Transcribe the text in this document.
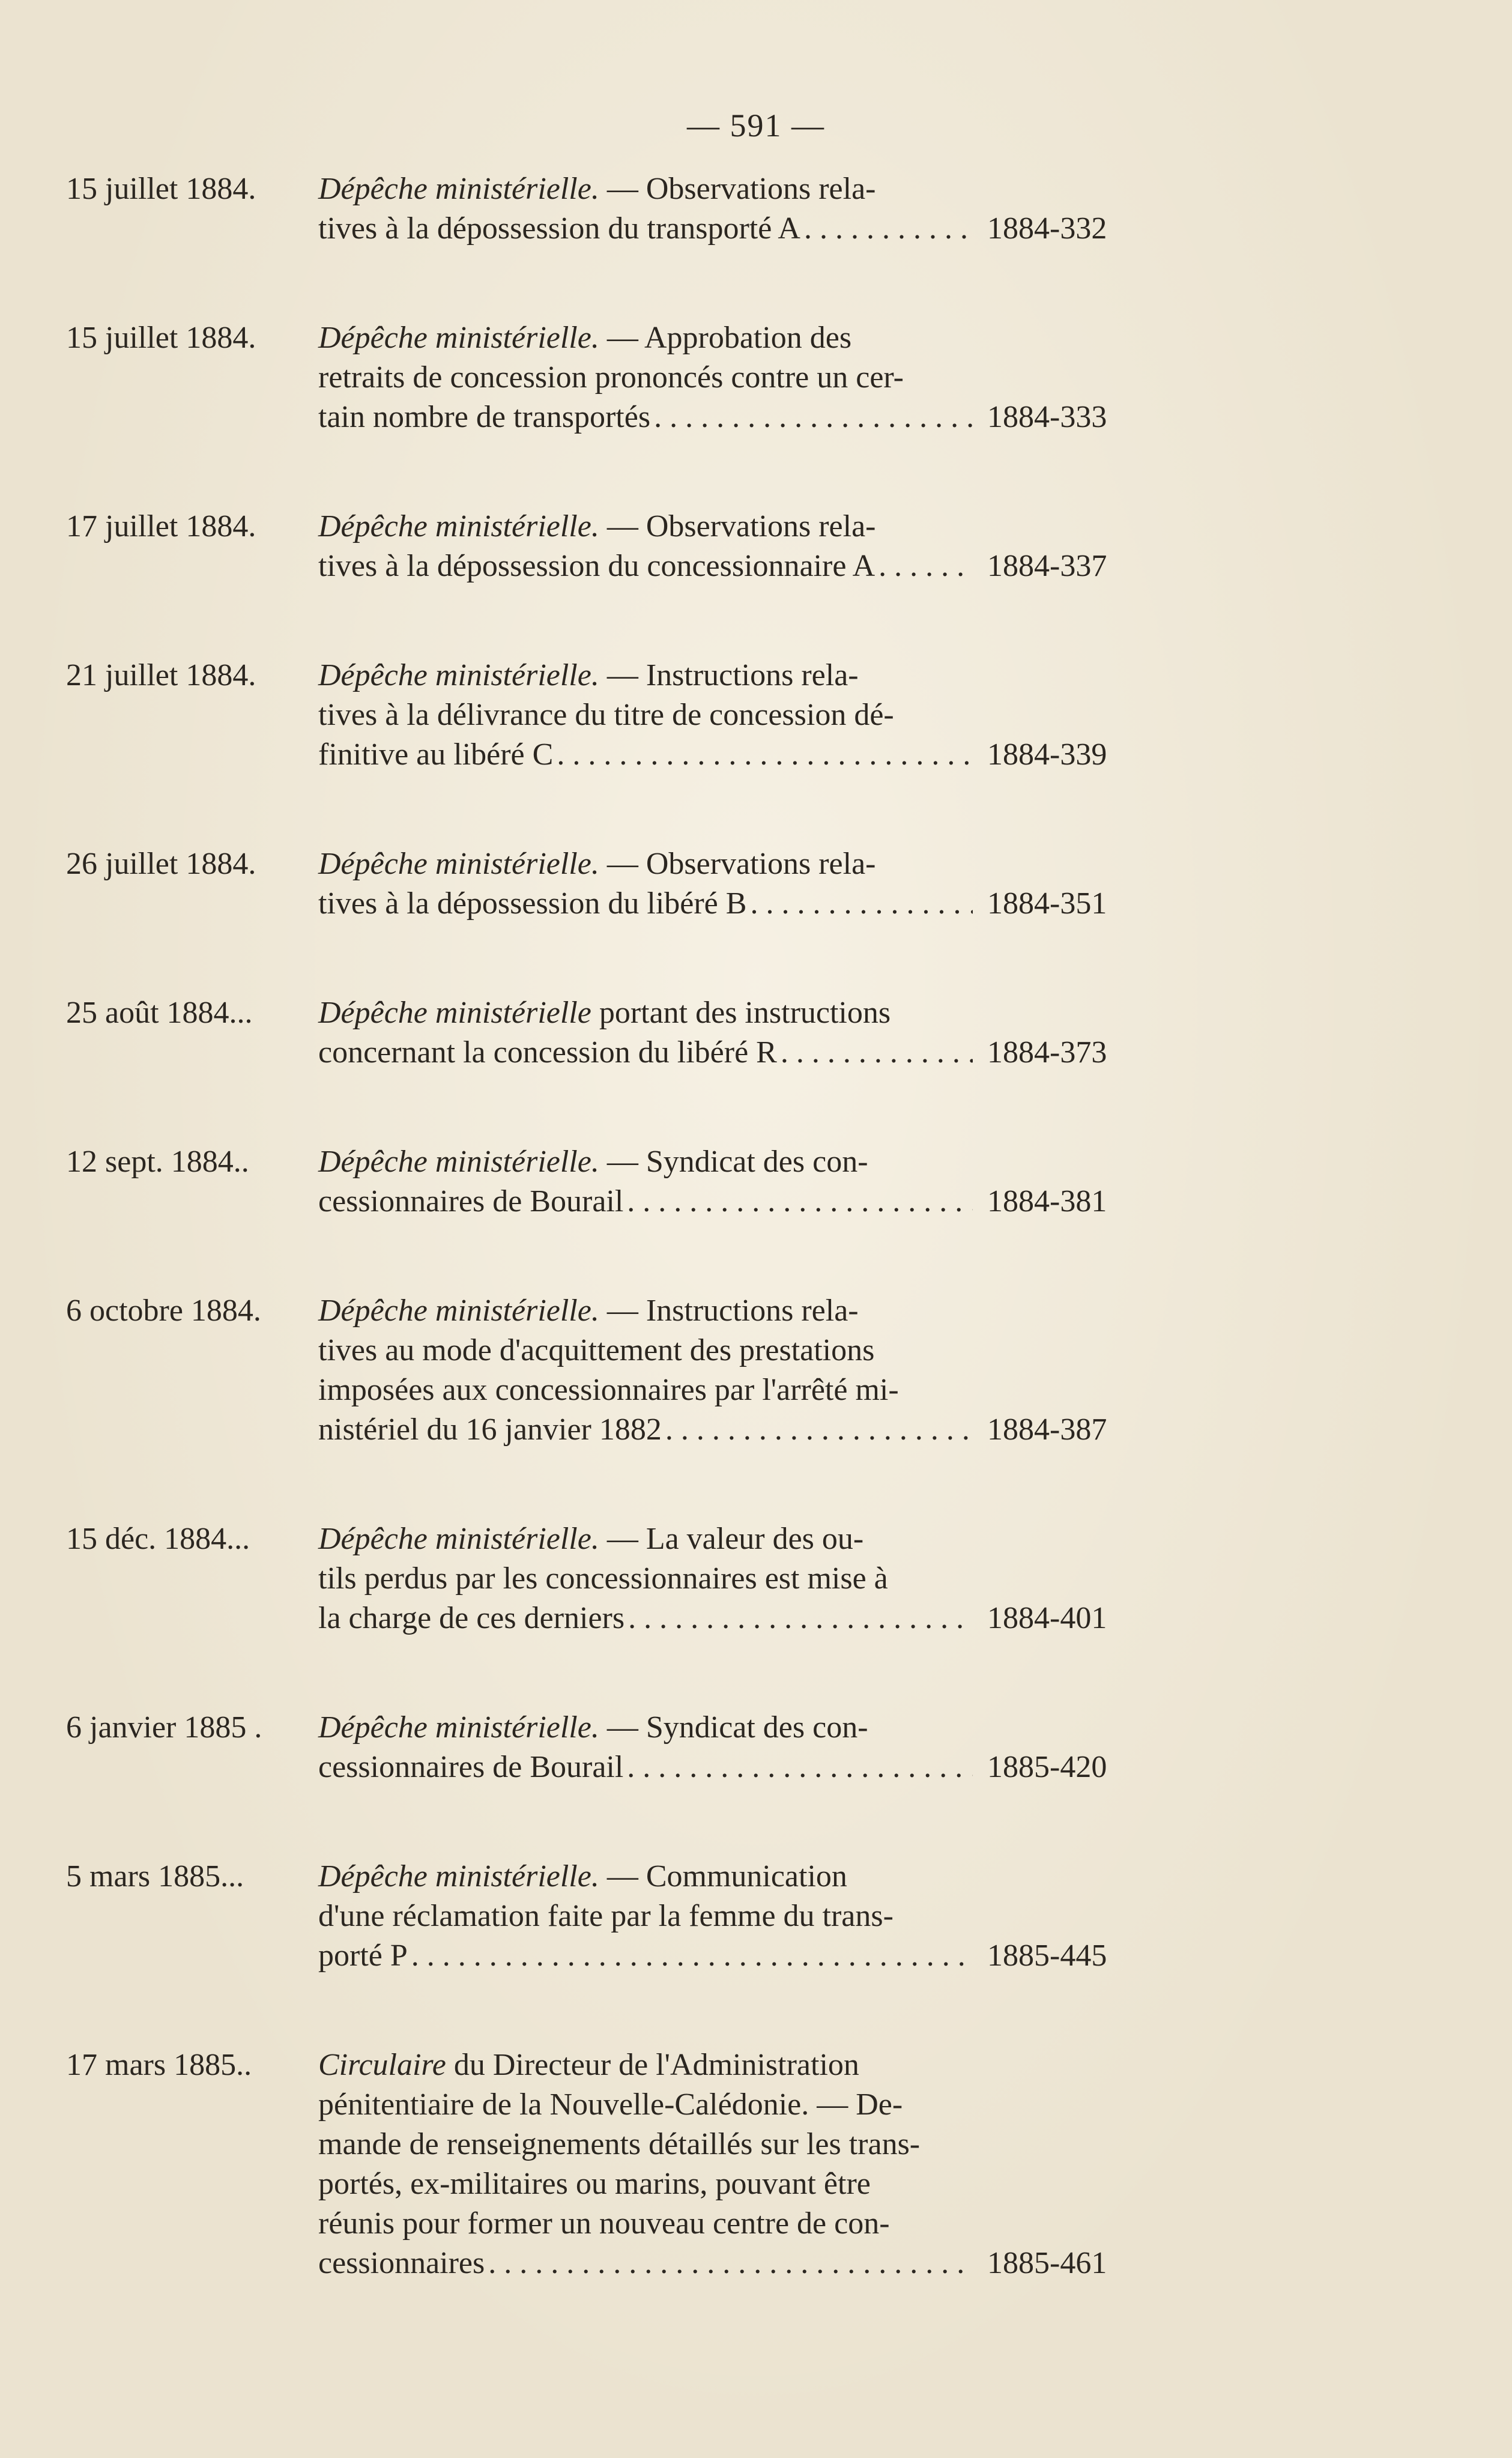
— 591 —
15 juillet 1884.	Dépêche ministérielle. — Observations rela-
tives à la dépossession du transporté A . . .	1884-332
15 juillet 1884.	Dépêche ministérielle. — Approbation des
retraits de concession prononcés contre un cer-
tain nombre de transportés . . .	1884-333
17 juillet 1884.	Dépêche ministérielle. — Observations rela-
tives à la dépossession du concessionnaire A . . .	1884-337
21 juillet 1884.	Dépêche ministérielle. — Instructions rela-
tives à la délivrance du titre de concession dé-
finitive au libéré C . . .	1884-339
26 juillet 1884.	Dépêche ministérielle. — Observations rela-
tives à la dépossession du libéré B . . .	1884-351
25 août 1884...	Dépêche ministérielle portant des instructions
concernant la concession du libéré R . . .	1884-373
12 sept. 1884..	Dépêche ministérielle. — Syndicat des con-
cessionnaires de Bourail . . .	1884-381
6 octobre 1884.	Dépêche ministérielle. — Instructions rela-
tives au mode d'acquittement des prestations
imposées aux concessionnaires par l'arrêté mi-
nistériel du 16 janvier 1882 . . .	1884-387
15 déc. 1884...	Dépêche ministérielle. — La valeur des ou-
tils perdus par les concessionnaires est mise à
la charge de ces derniers . . .	1884-401
6 janvier 1885 .	Dépêche ministérielle. — Syndicat des con-
cessionnaires de Bourail . . .	1885-420
5 mars 1885...	Dépêche ministérielle. — Communication
d'une réclamation faite par la femme du trans-
porté P . . .	1885-445
17 mars 1885..	Circulaire du Directeur de l'Administration
pénitentiaire de la Nouvelle-Calédonie. — De-
mande de renseignements détaillés sur les trans-
portés, ex-militaires ou marins, pouvant être
réunis pour former un nouveau centre de con-
cessionnaires . . .	1885-461
